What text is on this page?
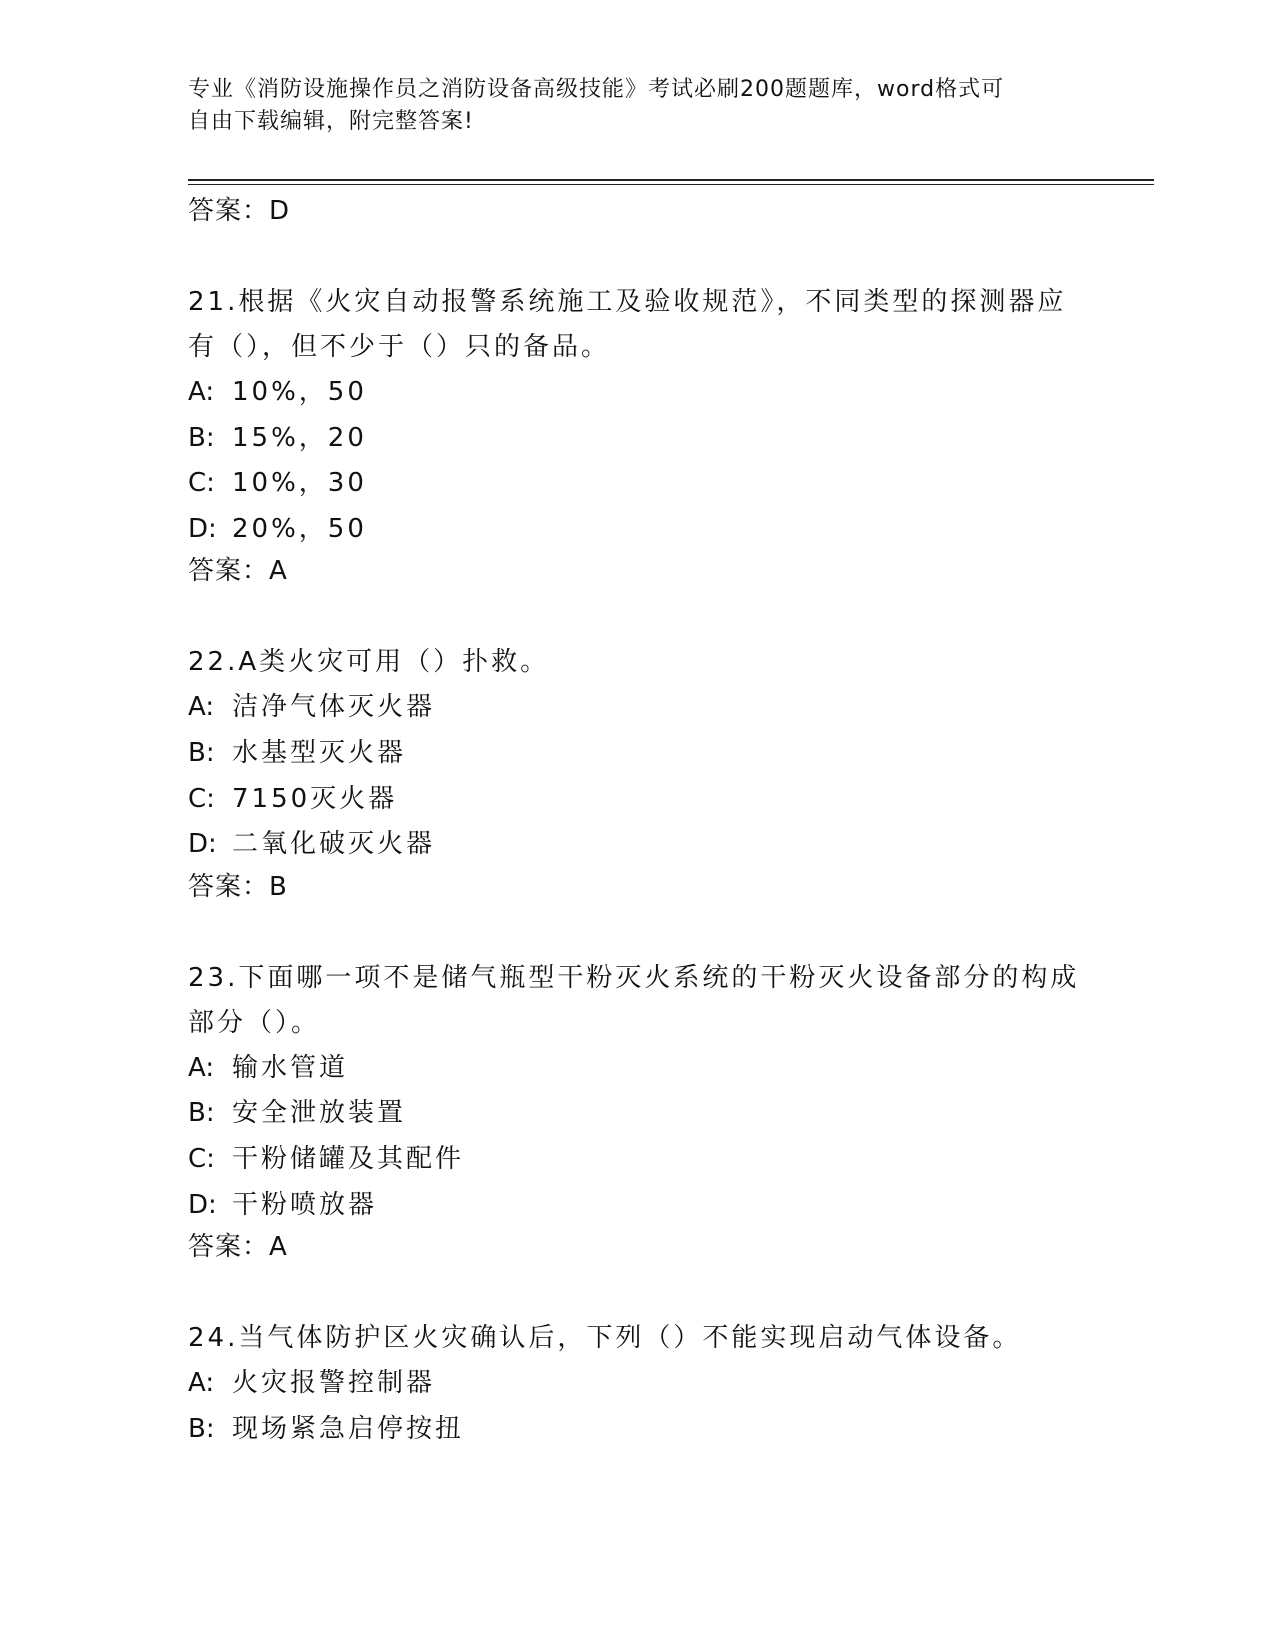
专业《消防设施操作员之消防设备高级技能》考试必刷200题题库，word格式可
自由下载编辑，附完整答案!
答案：D
21.根据《火灾自动报警系统施工及验收规范》，不同类型的探测器应
有（），但不少于（）只的备品。
A: 10%，50
B: 15%，20
C: 10%，30
D: 20%，50
答案：A
22.A类火灾可用（）扑救。
A: 洁净气体灭火器
B: 水基型灭火器
C: 7150灭火器
D: 二氧化破灭火器
答案：B
23.下面哪一项不是储气瓶型干粉灭火系统的干粉灭火设备部分的构成
部分（）。
A: 输水管道
B: 安全泄放装置
C: 干粉储罐及其配件
D: 干粉喷放器
答案：A
24.当气体防护区火灾确认后，下列（）不能实现启动气体设备。
A: 火灾报警控制器
B: 现场紧急启停按扭
